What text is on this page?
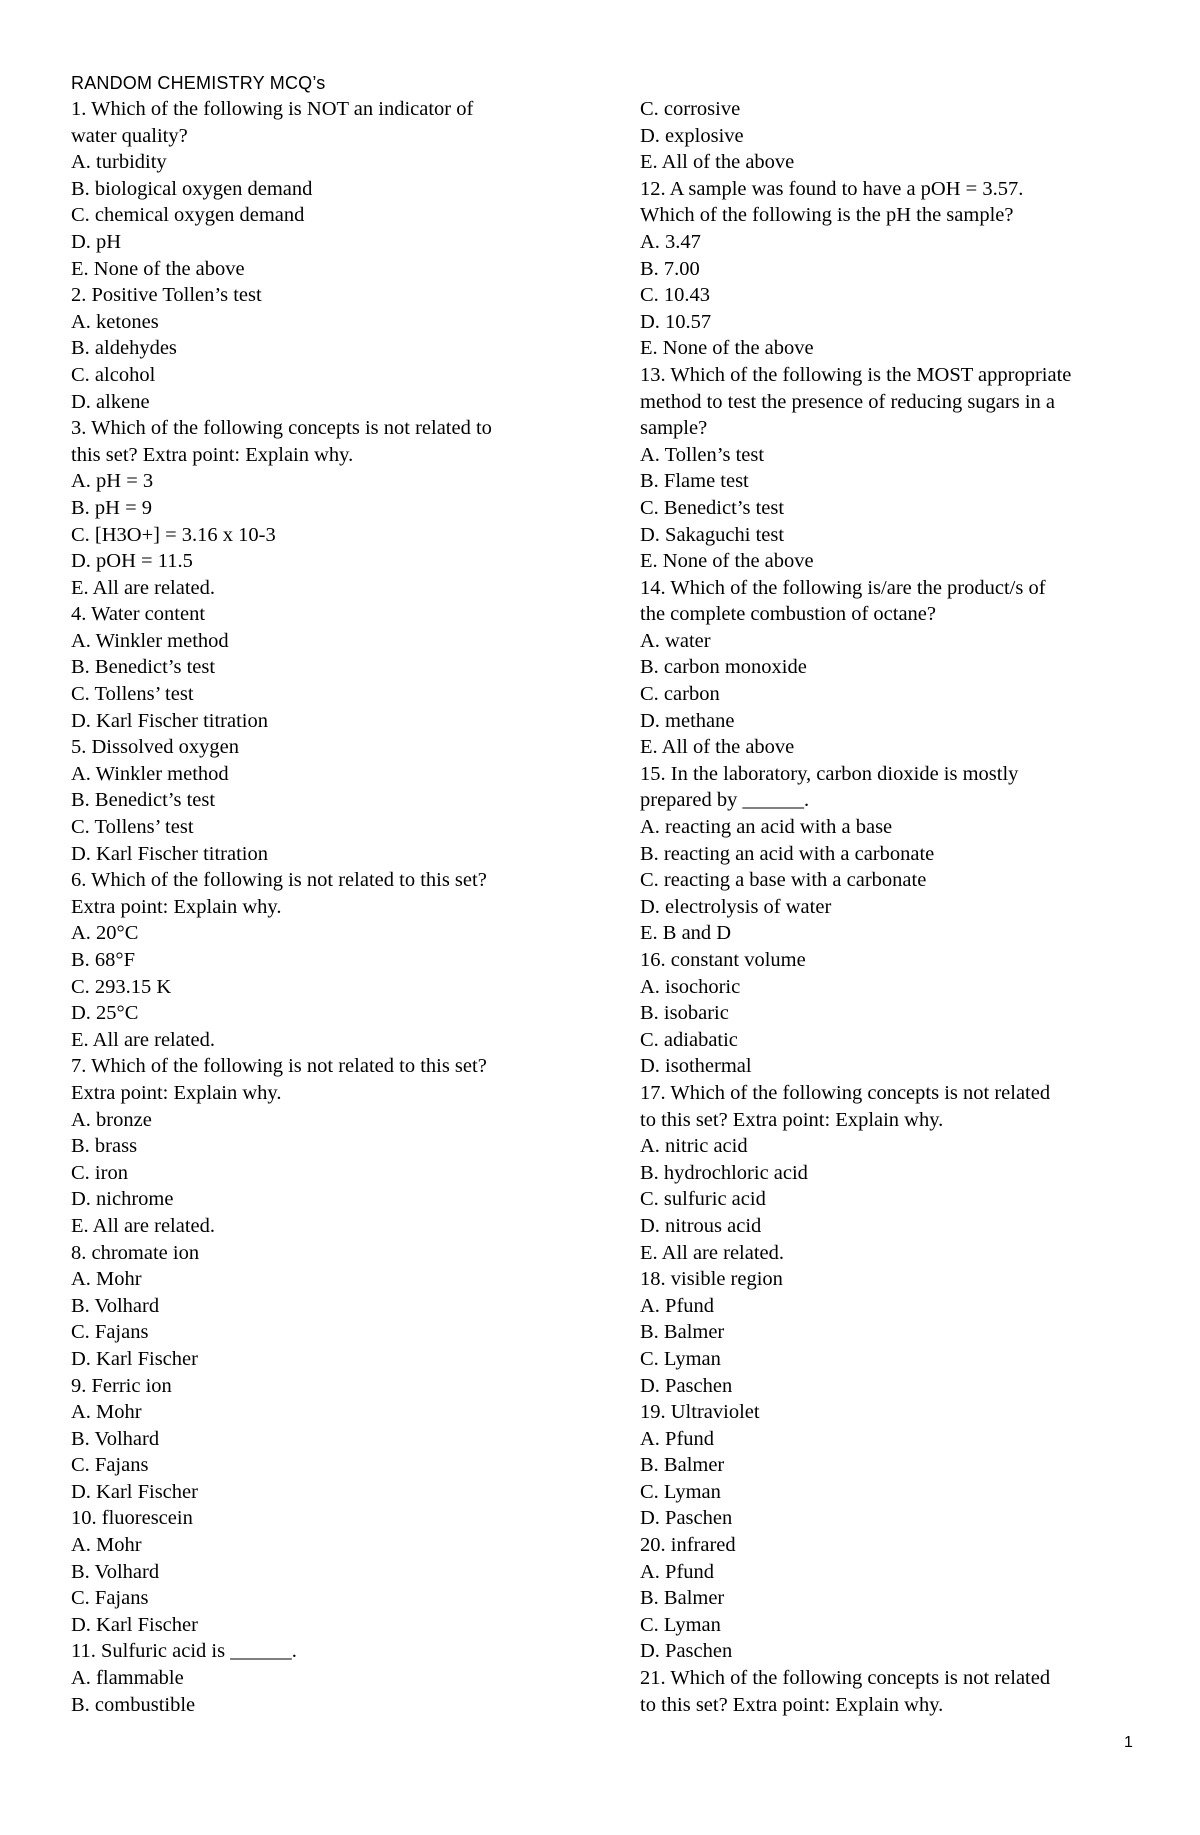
RANDOM CHEMISTRY MCQ’s
1. Which of the following is NOT an indicator of
water quality?
A. turbidity
B. biological oxygen demand
C. chemical oxygen demand
D. pH
E. None of the above
2. Positive Tollen’s test
A. ketones
B. aldehydes
C. alcohol
D. alkene
3. Which of the following concepts is not related to
this set? Extra point: Explain why.
A. pH = 3
B. pH = 9
C. [H3O+] = 3.16 x 10-3
D. pOH = 11.5
E. All are related.
4. Water content
A. Winkler method
B. Benedict’s test
C. Tollens’ test
D. Karl Fischer titration
5. Dissolved oxygen
A. Winkler method
B. Benedict’s test
C. Tollens’ test
D. Karl Fischer titration
6. Which of the following is not related to this set?
Extra point: Explain why.
A. 20°C
B. 68°F
C. 293.15 K
D. 25°C
E. All are related.
7. Which of the following is not related to this set?
Extra point: Explain why.
A. bronze
B. brass
C. iron
D. nichrome
E. All are related.
8. chromate ion
A. Mohr
B. Volhard
C. Fajans
D. Karl Fischer
9. Ferric ion
A. Mohr
B. Volhard
C. Fajans
D. Karl Fischer
10. fluorescein
A. Mohr
B. Volhard
C. Fajans
D. Karl Fischer
11. Sulfuric acid is ______.
A. flammable
B. combustible
C. corrosive
D. explosive
E. All of the above
12. A sample was found to have a pOH = 3.57.
Which of the following is the pH the sample?
A. 3.47
B. 7.00
C. 10.43
D. 10.57
E. None of the above
13. Which of the following is the MOST appropriate
method to test the presence of reducing sugars in a
sample?
A. Tollen’s test
B. Flame test
C. Benedict’s test
D. Sakaguchi test
E. None of the above
14. Which of the following is/are the product/s of
the complete combustion of octane?
A. water
B. carbon monoxide
C. carbon
D. methane
E. All of the above
15. In the laboratory, carbon dioxide is mostly
prepared by ______.
A. reacting an acid with a base
B. reacting an acid with a carbonate
C. reacting a base with a carbonate
D. electrolysis of water
E. B and D
16. constant volume
A. isochoric
B. isobaric
C. adiabatic
D. isothermal
17. Which of the following concepts is not related
to this set? Extra point: Explain why.
A. nitric acid
B. hydrochloric acid
C. sulfuric acid
D. nitrous acid
E. All are related.
18. visible region
A. Pfund
B. Balmer
C. Lyman
D. Paschen
19. Ultraviolet
A. Pfund
B. Balmer
C. Lyman
D. Paschen
20. infrared
A. Pfund
B. Balmer
C. Lyman
D. Paschen
21. Which of the following concepts is not related
to this set? Extra point: Explain why.
1
